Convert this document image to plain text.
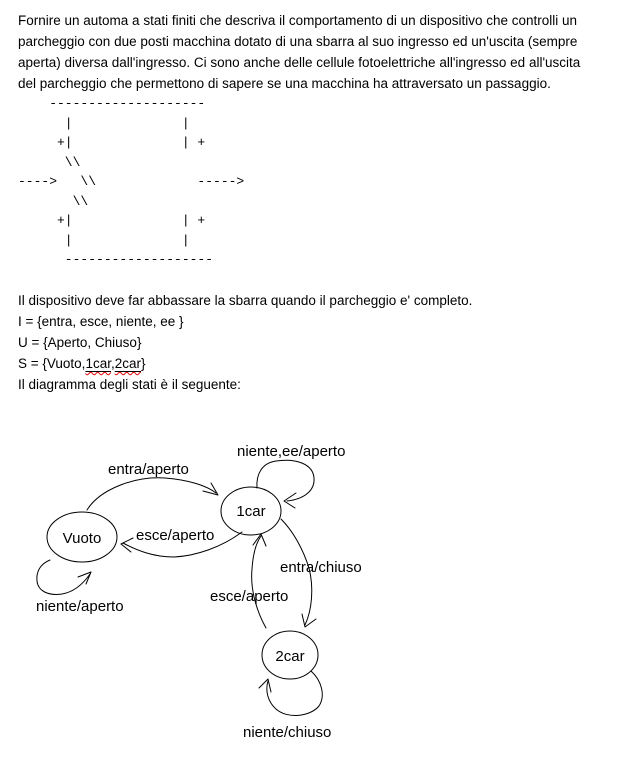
Fornire un automa a stati finiti che descriva il comportamento di un dispositivo che controlli un
parcheggio con due posti macchina dotato di una sbarra al suo ingresso ed un'uscita (sempre
aperta) diversa dall'ingresso. Ci sono anche delle cellule fotoelettriche all'ingresso ed all'uscita
del parcheggio che permettono di sapere se una macchina ha attraversato un passaggio.
--------------------
|              |
+|              | +
\\
---->   \\             ----->
\\
+|              | +
|              |
-------------------
Il dispositivo deve far abbassare la sbarra quando il parcheggio e' completo.
I = {entra, esce, niente, ee }
U = {Aperto, Chiuso}
S = {Vuoto,1car,2car}
Il diagramma degli stati è il seguente:
Vuoto
1car
2car
entra/aperto
esce/aperto
niente,ee/aperto
niente/aperto
entra/chiuso
esce/aperto
niente/chiuso
